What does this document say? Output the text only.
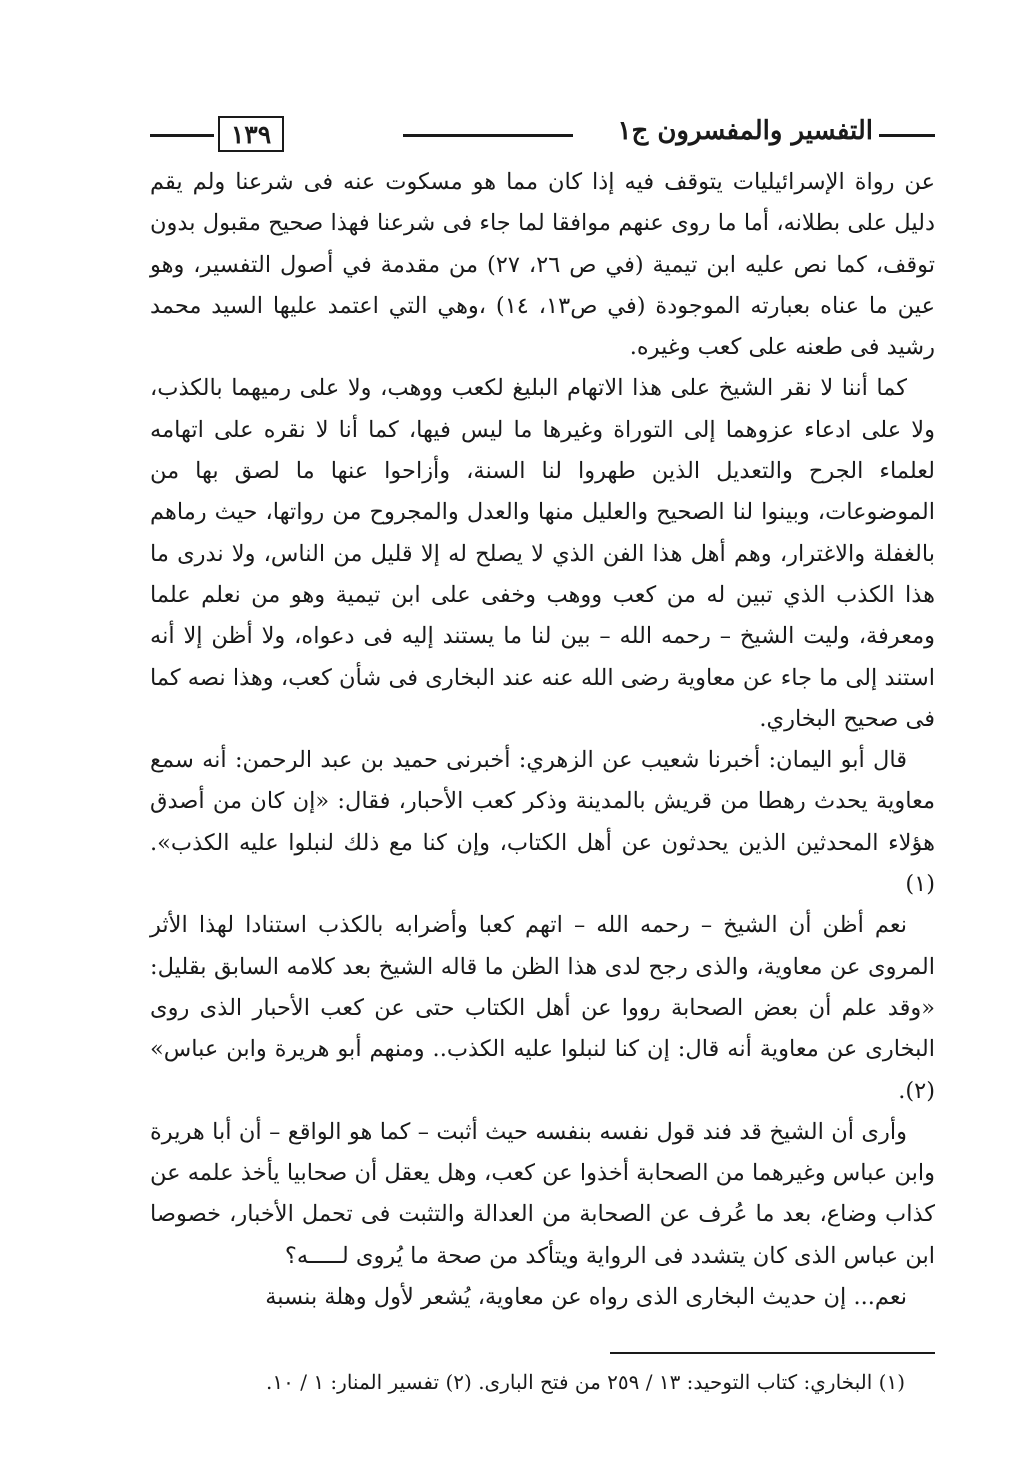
التفسير والمفسرون ج١
١٣٩

عن رواة الإسرائيليات يتوقف فيه إذا كان مما هو مسكوت عنه فى شرعنا ولم يقم دليل على بطلانه، أما ما روى عنهم موافقا لما جاء فى شرعنا فهذا صحيح مقبول بدون توقف، كما نص عليه ابن تيمية (في ص ٢٦، ٢٧) من مقدمة في أصول التفسير، وهو عين ما عناه بعبارته الموجودة (في ص١٣، ١٤) ،وهي التي اعتمد عليها السيد محمد رشيد فى طعنه على كعب وغيره.

كما أننا لا نقر الشيخ على هذا الاتهام البليغ لكعب ووهب، ولا على رميهما بالكذب، ولا على ادعاء عزوهما إلى التوراة وغيرها ما ليس فيها، كما أنا لا نقره على اتهامه لعلماء الجرح والتعديل الذين طهروا لنا السنة، وأزاحوا عنها ما لصق بها من الموضوعات، وبينوا لنا الصحيح والعليل منها والعدل والمجروح من رواتها، حيث رماهم بالغفلة والاغترار، وهم أهل هذا الفن الذي لا يصلح له إلا قليل من الناس، ولا ندرى ما هذا الكذب الذي تبين له من كعب ووهب وخفى على ابن تيمية وهو من نعلم علما ومعرفة، وليت الشيخ – رحمه الله – بين لنا ما يستند إليه فى دعواه، ولا أظن إلا أنه استند إلى ما جاء عن معاوية رضى الله عنه عند البخارى فى شأن كعب، وهذا نصه كما فى صحيح البخاري.

قال أبو اليمان: أخبرنا شعيب عن الزهري: أخبرنى حميد بن عبد الرحمن: أنه سمع معاوية يحدث رهطا من قريش بالمدينة وذكر كعب الأحبار، فقال: «إن كان من أصدق هؤلاء المحدثين الذين يحدثون عن أهل الكتاب، وإن كنا مع ذلك لنبلوا عليه الكذب». (١)

نعم أظن أن الشيخ – رحمه الله – اتهم كعبا وأضرابه بالكذب استنادا لهذا الأثر المروى عن معاوية، والذى رجح لدى هذا الظن ما قاله الشيخ بعد كلامه السابق بقليل: «وقد علم أن بعض الصحابة رووا عن أهل الكتاب حتى عن كعب الأحبار الذى روى البخارى عن معاوية أنه قال: إن كنا لنبلوا عليه الكذب.. ومنهم أبو هريرة وابن عباس» (٢).

وأرى أن الشيخ قد فند قول نفسه بنفسه حيث أثبت – كما هو الواقع – أن أبا هريرة وابن عباس وغيرهما من الصحابة أخذوا عن كعب، وهل يعقل أن صحابيا يأخذ علمه عن كذاب وضاع، بعد ما عُرف عن الصحابة من العدالة والتثبت فى تحمل الأخبار، خصوصا ابن عباس الذى كان يتشدد فى الرواية ويتأكد من صحة ما يُروى لـــــه؟

نعم... إن حديث البخارى الذى رواه عن معاوية، يُشعر لأول وهلة بنسبة

(١) البخاري: كتاب التوحيد: ١٣ / ٢٥٩ من فتح البارى. (٢) تفسير المنار: ١ / ١٠.
